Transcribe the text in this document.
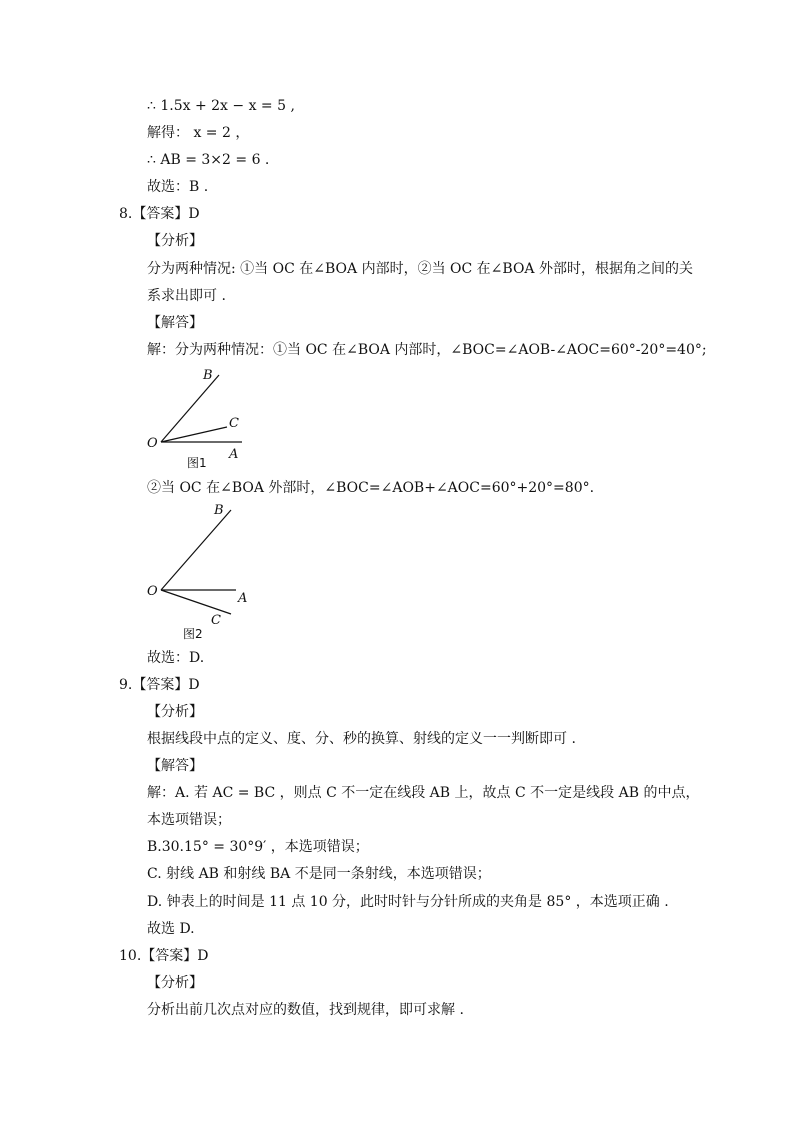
∴ 1.5x + 2x − x = 5 ,
解得： x = 2 ，
∴ AB = 3×2 = 6 .
故选：B .
8.【答案】D
【分析】
分为两种情况: ①当 OC 在∠BOA 内部时，②当 OC 在∠BOA 外部时，根据角之间的关
系求出即可 .
【解答】
解：分为两种情况：①当 OC 在∠BOA 内部时，∠BOC=∠AOB-∠AOC=60°-20°=40°;
O
A
B
C
图1
②当 OC 在∠BOA 外部时，∠BOC=∠AOB+∠AOC=60°+20°=80°.
O	A
B
C
图2
故选：D.
9.【答案】D
【分析】
根据线段中点的定义、度、分、秒的换算、射线的定义一一判断即可 .
【解答】
解：A. 若 AC = BC ，则点 C 不一定在线段 AB 上，故点 C 不一定是线段 AB 的中点，
本选项错误；
B.30.15° = 30°9′ ，本选项错误；
C. 射线 AB 和射线 BA 不是同一条射线，本选项错误；
D. 钟表上的时间是 11 点 10 分，此时时针与分针所成的夹角是 85° ，本选项正确 .
故选 D.
10.【答案】D
【分析】
分析出前几次点对应的数值，找到规律，即可求解 .
